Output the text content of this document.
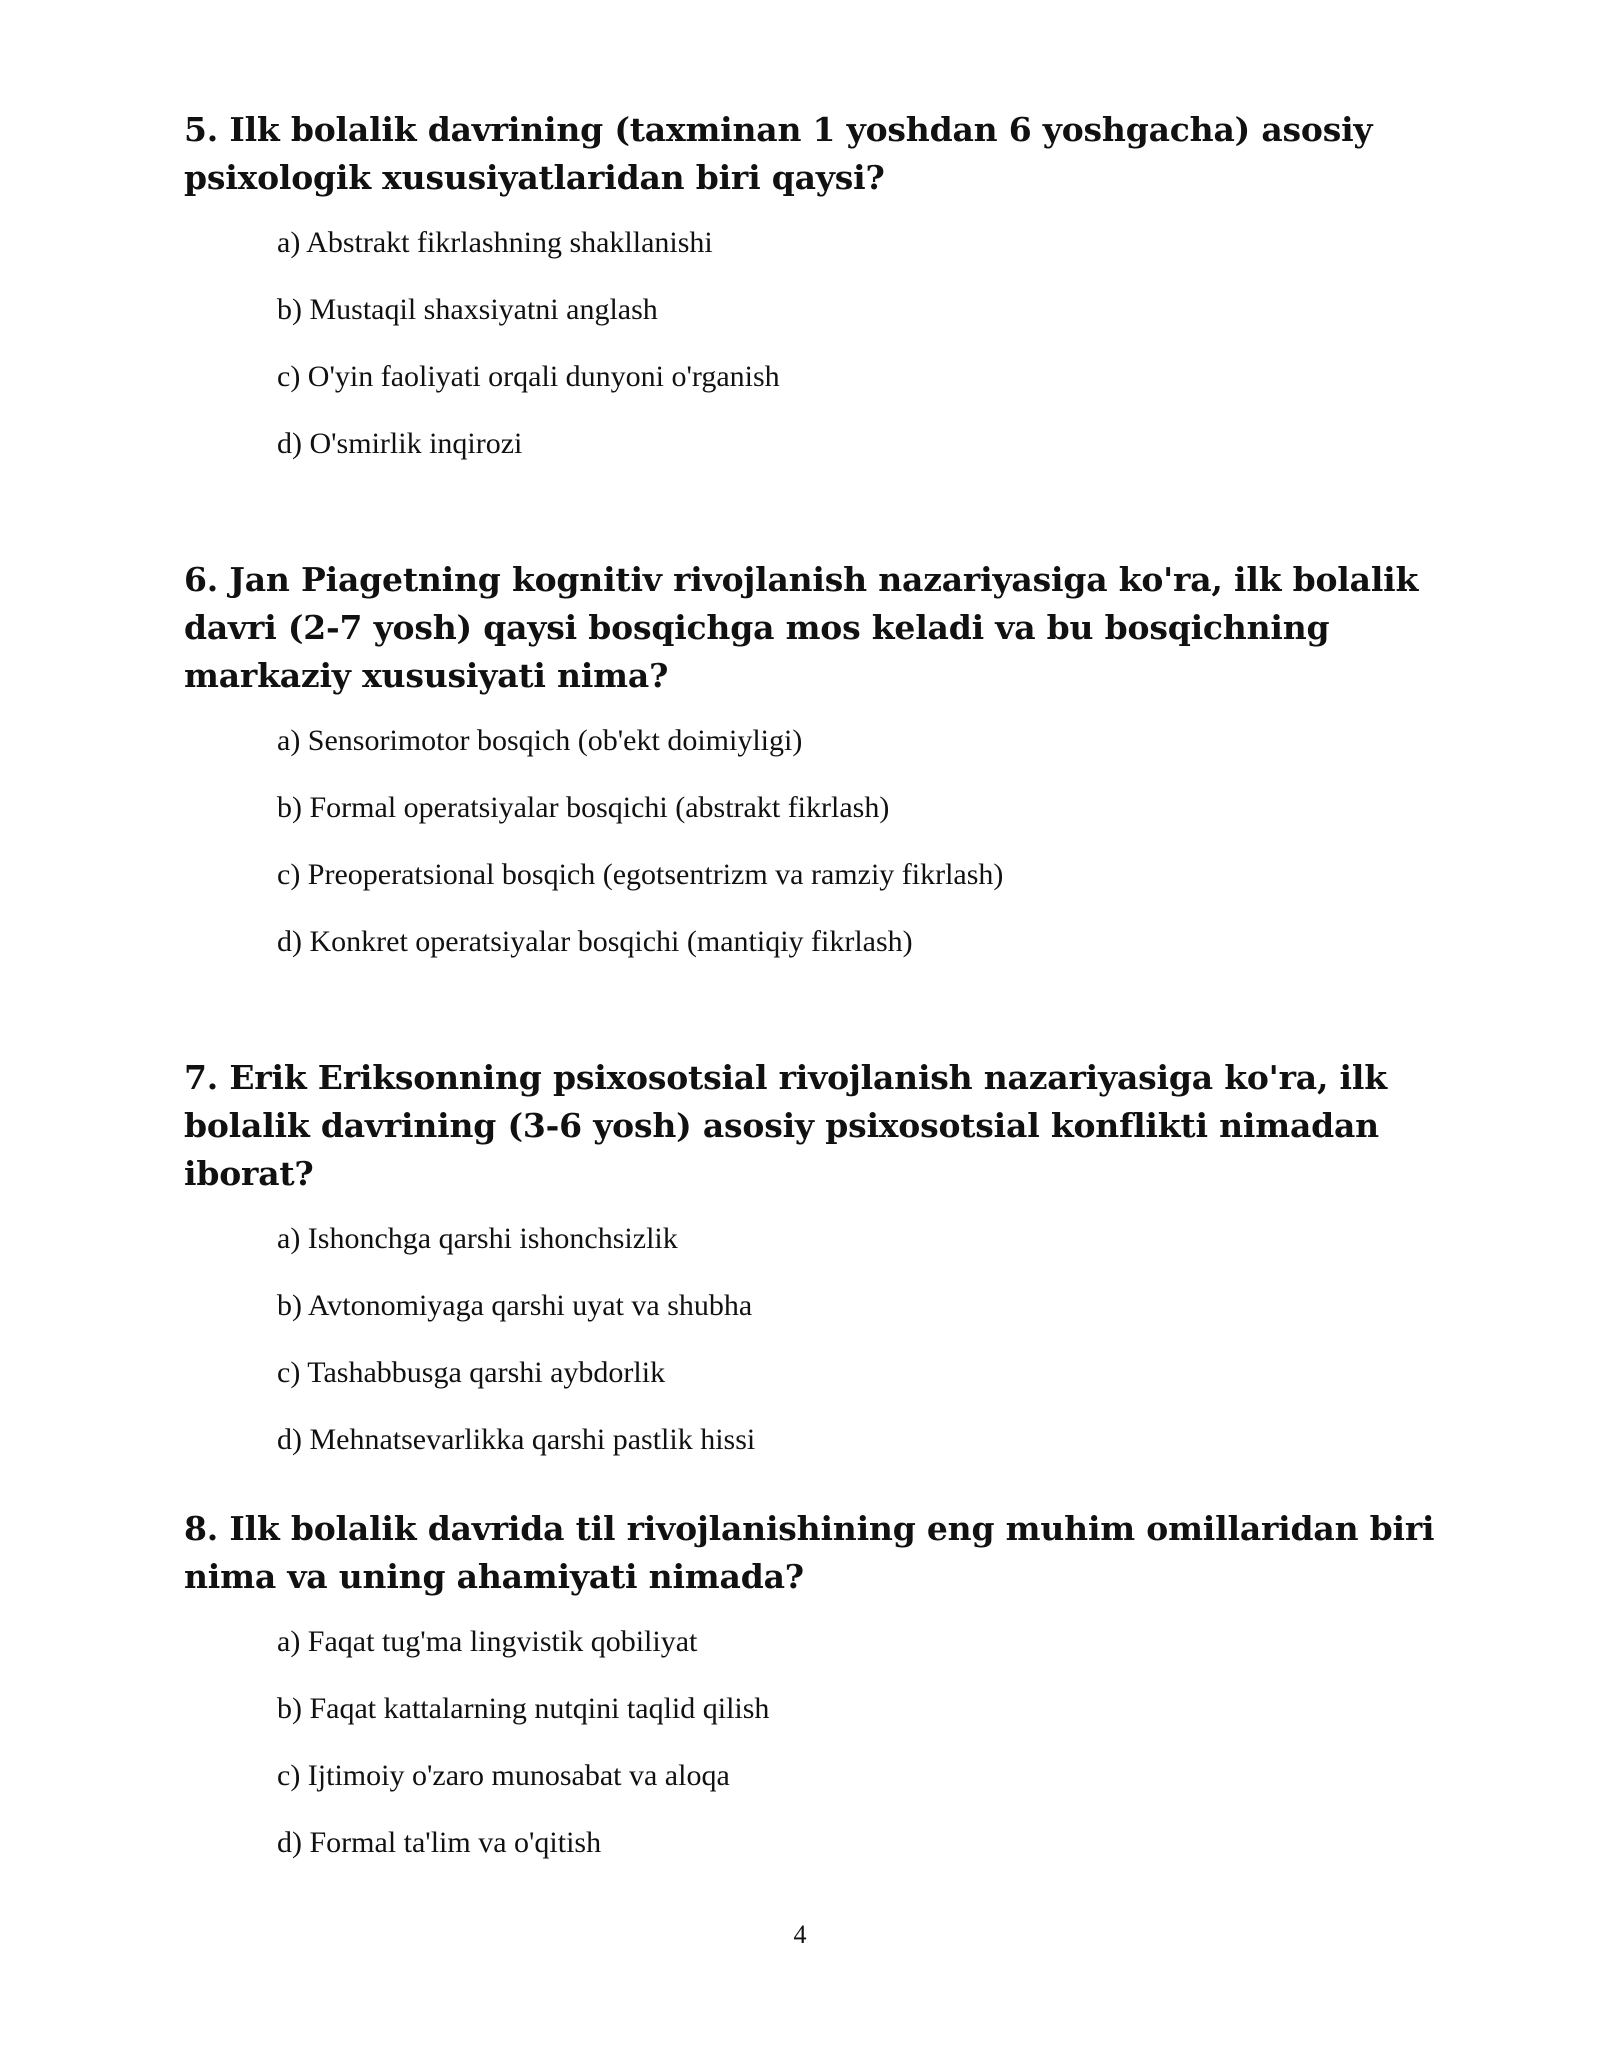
5. Ilk bolalik davrining (taxminan 1 yoshdan 6 yoshgacha) asosiy psixologik xususiyatlaridan biri qaysi?

a) Abstrakt fikrlashning shakllanishi
b) Mustaqil shaxsiyatni anglash
c) O'yin faoliyati orqali dunyoni o'rganish
d) O'smirlik inqirozi

6. Jan Piagetning kognitiv rivojlanish nazariyasiga ko'ra, ilk bolalik davri (2-7 yosh) qaysi bosqichga mos keladi va bu bosqichning markaziy xususiyati nima?

a) Sensorimotor bosqich (ob'ekt doimiyligi)
b) Formal operatsiyalar bosqichi (abstrakt fikrlash)
c) Preoperatsional bosqich (egotsentrizm va ramziy fikrlash)
d) Konkret operatsiyalar bosqichi (mantiqiy fikrlash)

7. Erik Eriksonning psixosotsial rivojlanish nazariyasiga ko'ra, ilk bolalik davrining (3-6 yosh) asosiy psixosotsial konflikti nimadan iborat?

a) Ishonchga qarshi ishonchsizlik
b) Avtonomiyaga qarshi uyat va shubha
c) Tashabbusga qarshi aybdorlik
d) Mehnatsevarlikka qarshi pastlik hissi

8. Ilk bolalik davrida til rivojlanishining eng muhim omillaridan biri nima va uning ahamiyati nimada?

a) Faqat tug'ma lingvistik qobiliyat
b) Faqat kattalarning nutqini taqlid qilish
c) Ijtimoiy o'zaro munosabat va aloqa
d) Formal ta'lim va o'qitish
4
